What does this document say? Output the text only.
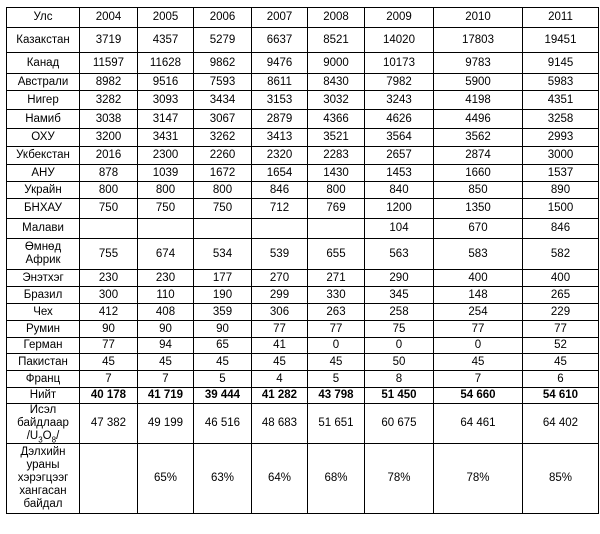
Улс	2004	2005	2006	2007	2008	2009	2010	2011
Казакстан	3719	4357	5279	6637	8521	14020	17803	19451
Канад	11597	11628	9862	9476	9000	10173	9783	9145
Австрали	8982	9516	7593	8611	8430	7982	5900	5983
Нигер	3282	3093	3434	3153	3032	3243	4198	4351
Намиб	3038	3147	3067	2879	4366	4626	4496	3258
ОХУ	3200	3431	3262	3413	3521	3564	3562	2993
Укбекстан	2016	2300	2260	2320	2283	2657	2874	3000
АНУ	878	1039	1672	1654	1430	1453	1660	1537
Украйн	800	800	800	846	800	840	850	890
БНХАУ	750	750	750	712	769	1200	1350	1500
Малави						104	670	846
Өмнөд Африк	755	674	534	539	655	563	583	582
Энэтхэг	230	230	177	270	271	290	400	400
Бразил	300	110	190	299	330	345	148	265
Чех	412	408	359	306	263	258	254	229
Румин	90	90	90	77	77	75	77	77
Герман	77	94	65	41	0	0	0	52
Пакистан	45	45	45	45	45	50	45	45
Франц	7	7	5	4	5	8	7	6
Нийт	40 178	41 719	39 444	41 282	43 798	51 450	54 660	54 610
Исэл байдлаар $/U_3O_8/$	47 382	49 199	46 516	48 683	51 651	60 675	64 461	64 402
Дэлхийн ураны хэрэгцээг хангасан байдал		65%	63%	64%	68%	78%	78%	85%
